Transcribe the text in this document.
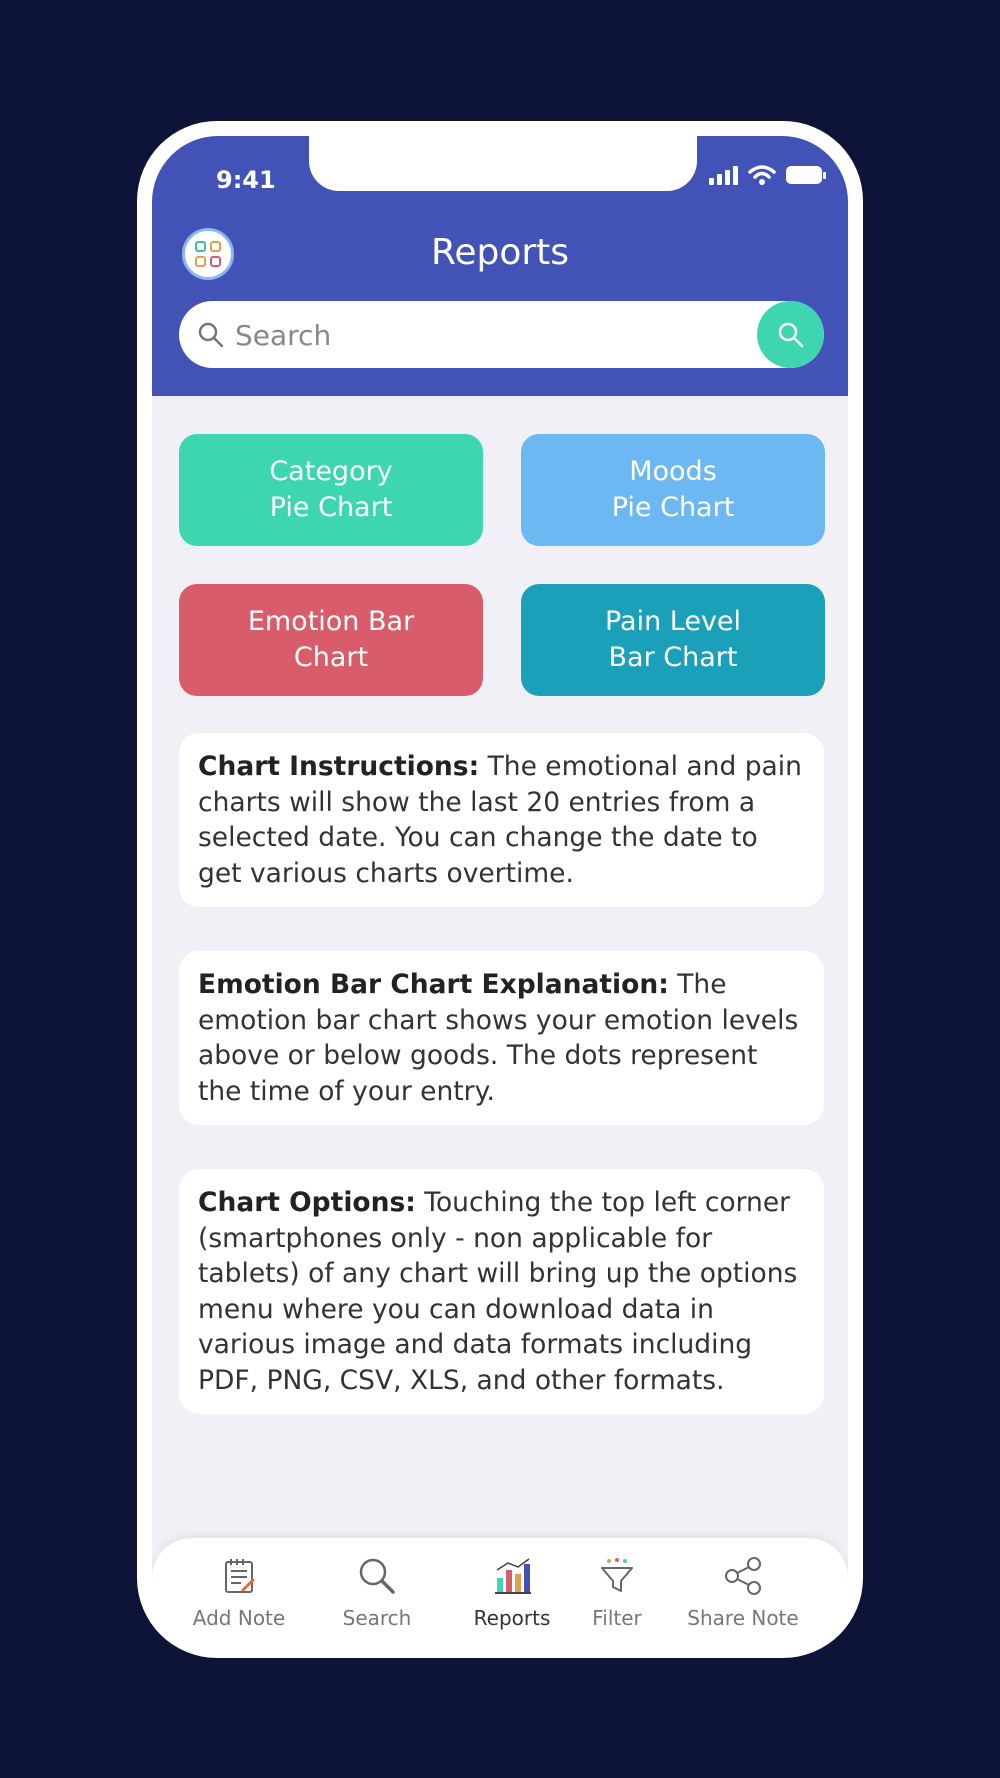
9:41
Reports
Search
Category
Pie Chart
Moods
Pie Chart
Emotion Bar
Chart
Pain Level
Bar Chart
Chart Instructions: The emotional and pain charts will show the last 20 entries from a selected date. You can change the date to get various charts overtime.
Emotion Bar Chart Explanation: The emotion bar chart shows your emotion levels above or below goods. The dots represent the time of your entry.
Chart Options: Touching the top left corner (smartphones only - non applicable for tablets) of any chart will bring up the options menu where you can download data in various image and data formats including PDF, PNG, CSV, XLS, and other formats.
Add Note	Search	Reports Filter Share Note
